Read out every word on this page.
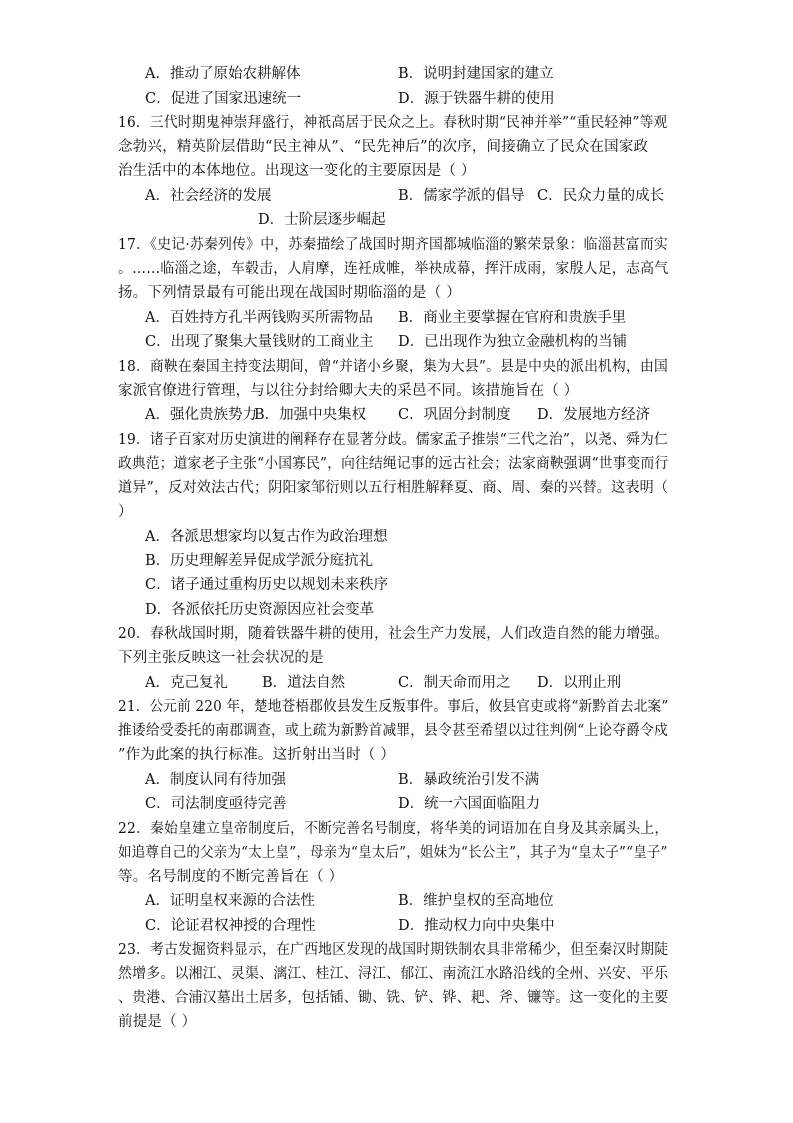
A．推动了原始农耕解体	B．说明封建国家的建立
C．促进了国家迅速统一	D．源于铁器牛耕的使用
16．三代时期鬼神崇拜盛行，神祇高居于民众之上。春秋时期“民神并举”“重民轻神”等观
念勃兴，精英阶层借助“民主神从”、“民先神后”的次序，间接确立了民众在国家政
治生活中的本体地位。出现这一变化的主要原因是（ ）
A．社会经济的发展	B．儒家学派的倡导 C．民众力量的成长
D．士阶层逐步崛起
17．《史记·苏秦列传》中，苏秦描绘了战国时期齐国都城临淄的繁荣景象：临淄甚富而实
。……临淄之途，车毂击，人肩摩，连衽成帷，举袂成幕，挥汗成雨，家殷人足，志高气
扬。下列情景最有可能出现在战国时期临淄的是（ ）
A．百姓持方孔半两钱购买所需物品 B．商业主要掌握在官府和贵族手里
C．出现了聚集大量钱财的工商业主 D．已出现作为独立金融机构的当铺
18．商鞅在秦国主持变法期间，曾“并诸小乡聚，集为大县”。县是中央的派出机构，由国
家派官僚进行管理，与以往分封给卿大夫的采邑不同。该措施旨在（ ）
A．强化贵族势力
B．加强中央集权 C．巩固分封制度 D．发展地方经济
19．诸子百家对历史演进的阐释存在显著分歧。儒家孟子推崇“三代之治”，以尧、舜为仁
政典范；道家老子主张“小国寡民”，向往结绳记事的远古社会；法家商鞅强调“世事变而行
道异”，反对效法古代；阴阳家邹衍则以五行相胜解释夏、商、周、秦的兴替。这表明（
）
A．各派思想家均以复古作为政治理想
B．历史理解差异促成学派分庭抗礼
C．诸子通过重构历史以规划未来秩序
D．各派依托历史资源因应社会变革
20．春秋战国时期，随着铁器牛耕的使用，社会生产力发展，人们改造自然的能力增强。
下列主张反映这一社会状况的是
A．克己复礼 B．道法自然	C．制天命而用之 D．以刑止刑
21．公元前 220 年，楚地苍梧郡攸县发生反叛事件。事后，攸县官吏或将“新黔首去北案”
推诿给受委托的南郡调查，或上疏为新黔首减罪，县令甚至希望以过往判例“上论夺爵令戍
”作为此案的执行标准。这折射出当时（ ）
A．制度认同有待加强	B．暴政统治引发不满
C．司法制度亟待完善	D．统一六国面临阻力
22．秦始皇建立皇帝制度后，不断完善名号制度，将华美的词语加在自身及其亲属头上，
如追尊自己的父亲为“太上皇”，母亲为“皇太后”，姐妹为“长公主”，其子为“皇太子”“皇子”
等。名号制度的不断完善旨在（ ）
A．证明皇权来源的合法性	B．维护皇权的至高地位
C．论证君权神授的合理性	D．推动权力向中央集中
23．考古发掘资料显示，在广西地区发现的战国时期铁制农具非常稀少，但至秦汉时期陡
然增多。以湘江、灵渠、漓江、桂江、浔江、郁江、南流江水路沿线的全州、兴安、平乐
、贵港、合浦汉墓出土居多，包括锸、锄、铣、铲、铧、耙、斧、镰等。这一变化的主要
前提是（ ）
